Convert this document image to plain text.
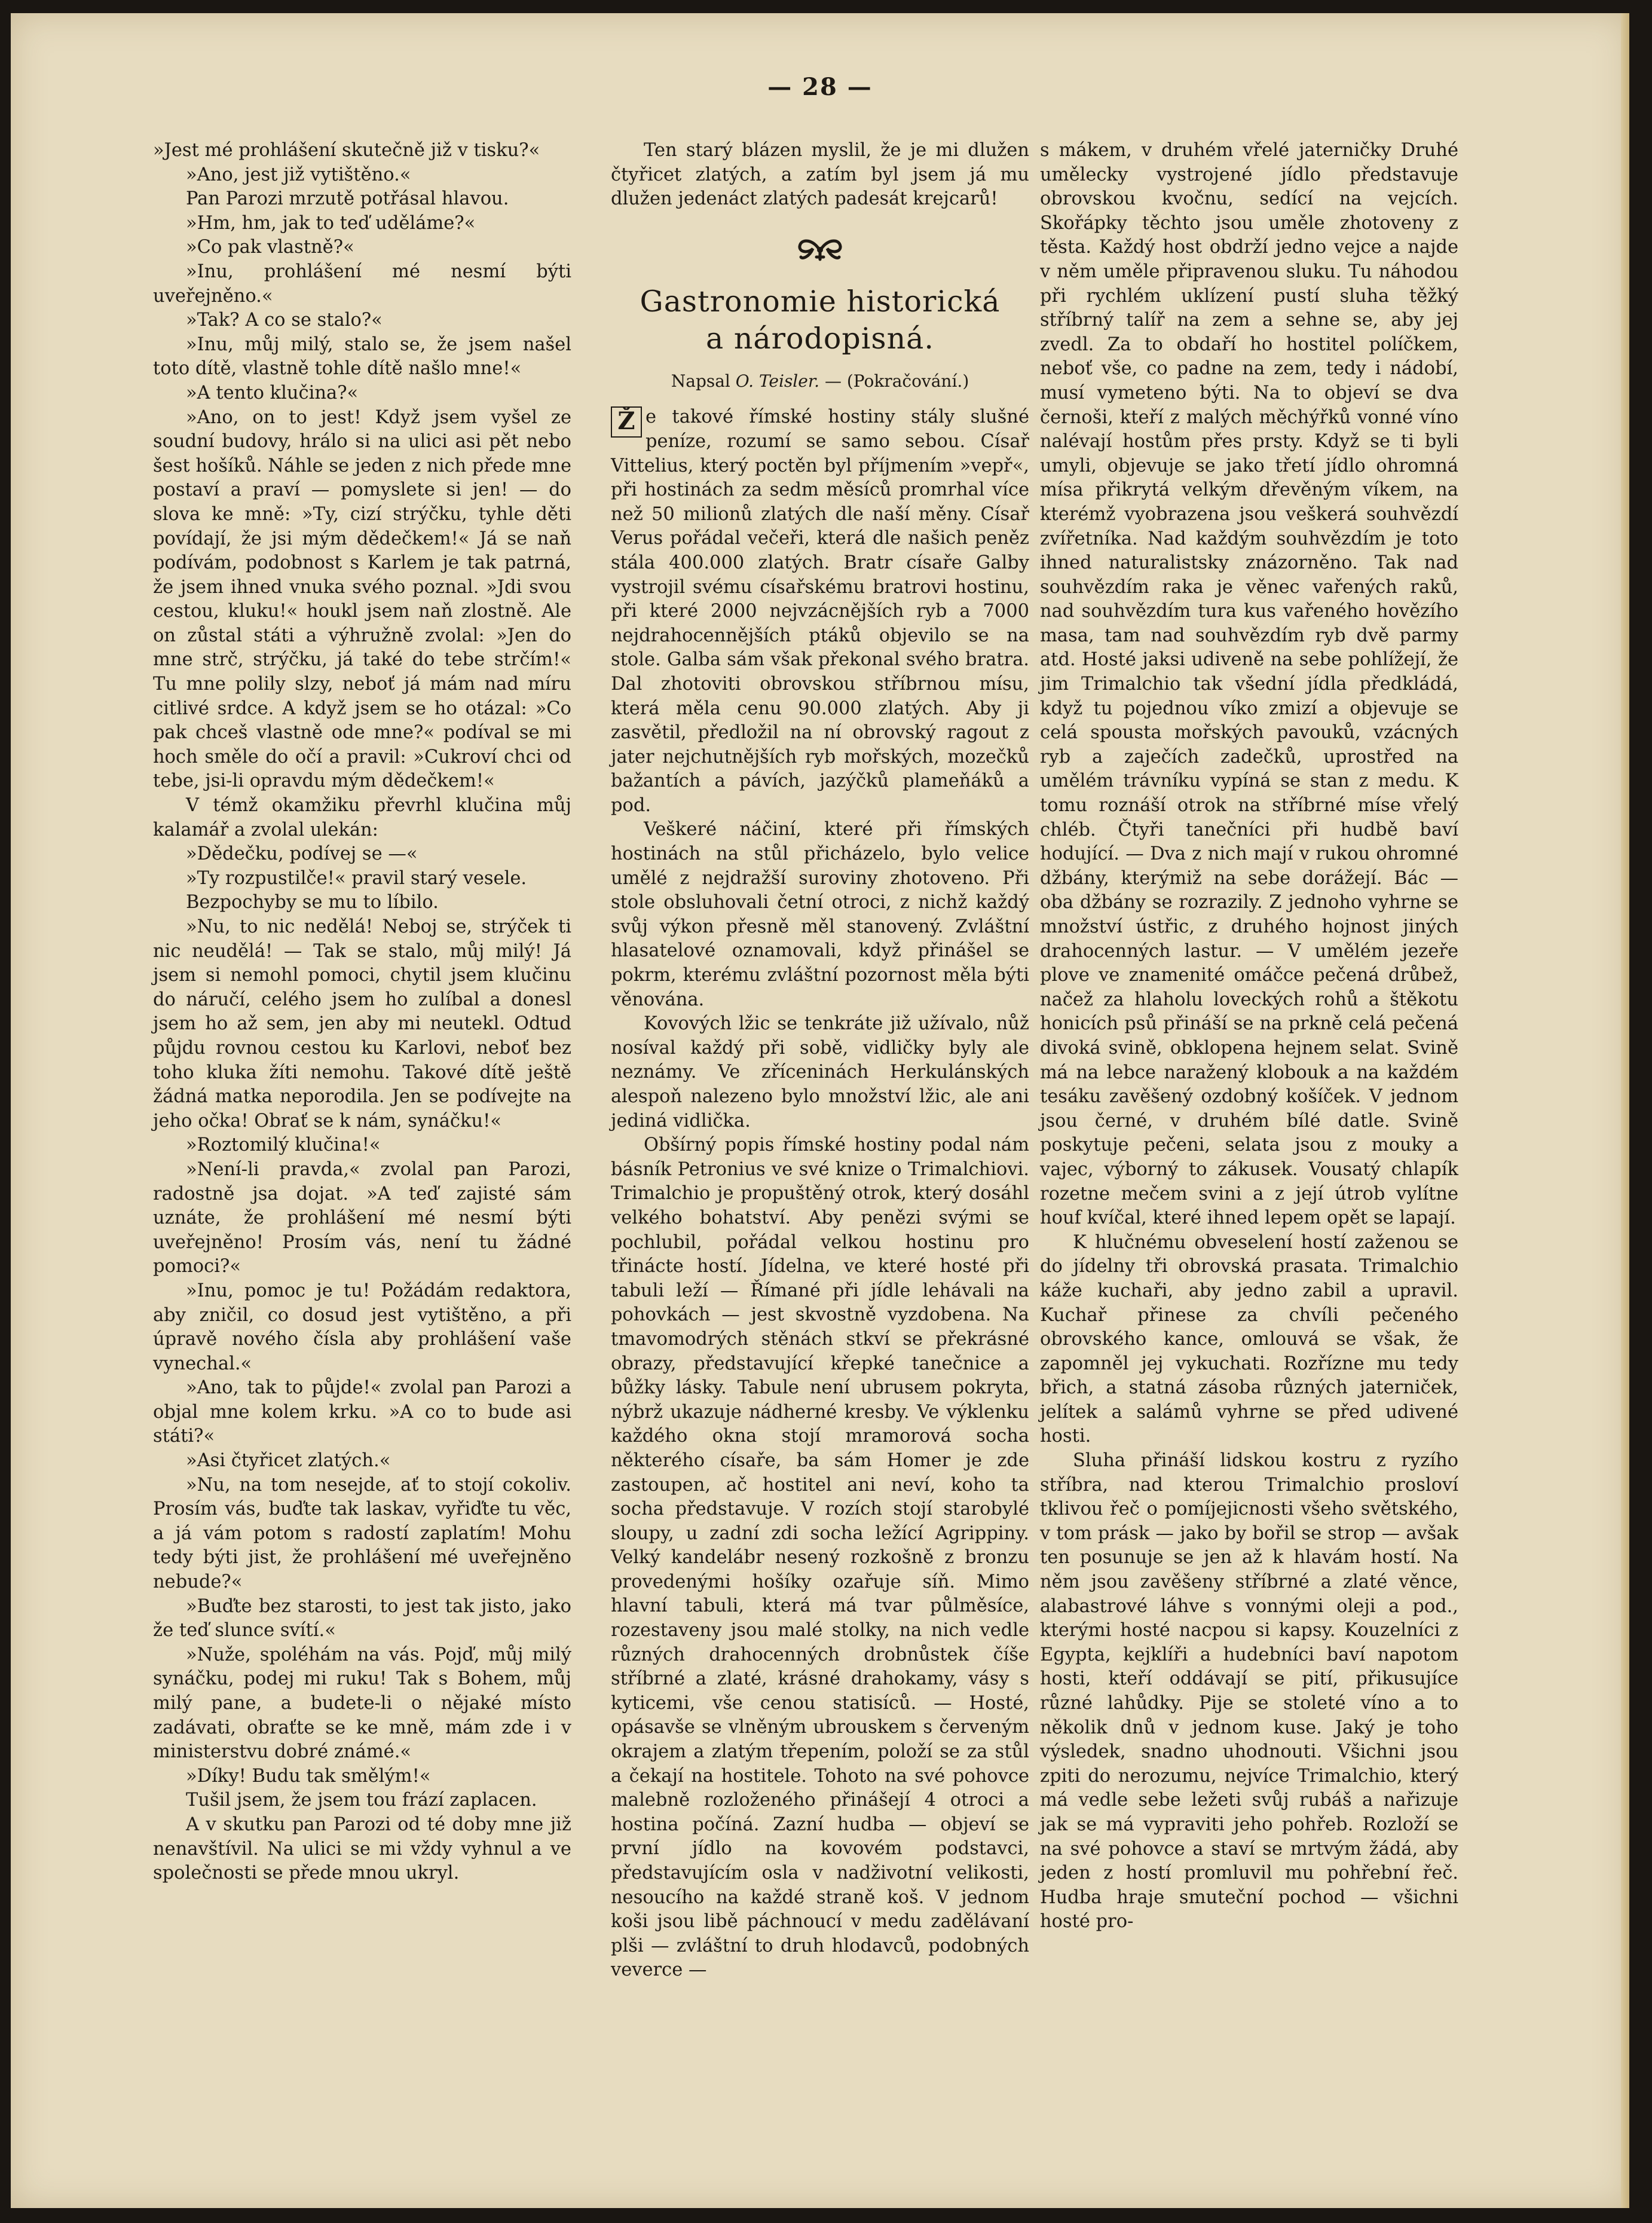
— 28 —

»Jest mé prohlášení skutečně již v tisku?«

»Ano, jest již vytištěno.«

Pan Parozi mrzutě potřásal hlavou.

»Hm, hm, jak to teď uděláme?«

»Co pak vlastně?«

»Inu, prohlášení mé nesmí býti uveřejněno.«

»Tak? A co se stalo?«

»Inu, můj milý, stalo se, že jsem našel toto dítě, vlastně tohle dítě našlo mne!«

»A tento klučina?«

»Ano, on to jest! Když jsem vyšel ze soudní budovy, hrálo si na ulici asi pět nebo šest hošíků. Náhle se jeden z nich přede mne postaví a praví — pomyslete si jen! — do slova ke mně: »Ty, cizí strýčku, tyhle děti povídají, že jsi mým dědečkem!« Já se naň podívám, podobnost s Karlem je tak patrná, že jsem ihned vnuka svého poznal. »Jdi svou cestou, kluku!« houkl jsem naň zlostně. Ale on zůstal státi a výhružně zvolal: »Jen do mne strč, strýčku, já také do tebe strčím!« Tu mne polily slzy, neboť já mám nad míru citlivé srdce. A když jsem se ho otázal: »Co pak chceš vlastně ode mne?« podíval se mi hoch směle do očí a pravil: »Cukroví chci od tebe, jsi-li opravdu mým dědečkem!«

V témž okamžiku převrhl klučina můj kalamář a zvolal ulekán:

»Dědečku, podívej se —«

»Ty rozpustilče!« pravil starý vesele.

Bezpochyby se mu to líbilo.

»Nu, to nic nedělá! Neboj se, strýček ti nic neudělá! — Tak se stalo, můj milý! Já jsem si nemohl pomoci, chytil jsem klučinu do náručí, celého jsem ho zulíbal a donesl jsem ho až sem, jen aby mi neutekl. Odtud půjdu rovnou cestou ku Karlovi, neboť bez toho kluka žíti nemohu. Takové dítě ještě žádná matka neporodila. Jen se podívejte na jeho očka! Obrať se k nám, synáčku!«

»Roztomilý klučina!«

»Není-li pravda,« zvolal pan Parozi, radostně jsa dojat. »A teď zajisté sám uznáte, že prohlášení mé nesmí býti uveřejněno! Prosím vás, není tu žádné pomoci?«

»Inu, pomoc je tu! Požádám redaktora, aby zničil, co dosud jest vytištěno, a při úpravě nového čísla aby prohlášení vaše vynechal.«

»Ano, tak to půjde!« zvolal pan Parozi a objal mne kolem krku. »A co to bude asi státi?«

»Asi čtyřicet zlatých.«

»Nu, na tom nesejde, ať to stojí cokoliv. Prosím vás, buďte tak laskav, vyřiďte tu věc, a já vám potom s radostí zaplatím! Mohu tedy býti jist, že prohlášení mé uveřejněno nebude?«

»Buďte bez starosti, to jest tak jisto, jako že teď slunce svítí.«

»Nuže, spoléhám na vás. Pojď, můj milý synáčku, podej mi ruku! Tak s Bohem, můj milý pane, a budete-li o nějaké místo zadávati, obraťte se ke mně, mám zde i v ministerstvu dobré známé.«

»Díky! Budu tak smělým!«

Tušil jsem, že jsem tou frází zaplacen.

A v skutku pan Parozi od té doby mne již nenavštívil. Na ulici se mi vždy vyhnul a ve společnosti se přede mnou ukryl.

Ten starý blázen myslil, že je mi dlužen čtyřicet zlatých, a zatím byl jsem já mu dlužen jedenáct zlatých padesát krejcarů!

Gastronomie historická
a národopisná.
Napsal O. Teisler. — (Pokračování.)

Ž e takové římské hostiny stály slušné peníze, rozumí se samo sebou. Císař Vittelius, který poctěn byl příjmením »vepř«, při hostinách za sedm měsíců promrhal více než 50 milionů zlatých dle naší měny. Císař Verus pořádal večeři, která dle našich peněz stála 400.000 zlatých. Bratr císaře Galby vystrojil svému císařskému bratrovi hostinu, při které 2000 nejvzácnějších ryb a 7000 nejdrahocennějších ptáků objevilo se na stole. Galba sám však překonal svého bratra. Dal zhotoviti obrovskou stříbrnou mísu, která měla cenu 90.000 zlatých. Aby ji zasvětil, předložil na ní obrovský ragout z jater nejchutnějších ryb mořských, mozečků bažantích a pávích, jazýčků plameňáků a pod.

Veškeré náčiní, které při římských hostinách na stůl přicházelo, bylo velice umělé z nejdražší suroviny zhotoveno. Při stole obsluhovali četní otroci, z nichž každý svůj výkon přesně měl stanovený. Zvláštní hlasatelové oznamovali, když přinášel se pokrm, kterému zvláštní pozornost měla býti věnována.

Kovových lžic se tenkráte již užívalo, nůž nosíval každý při sobě, vidličky byly ale neznámy. Ve zříceninách Herkulánských alespoň nalezeno bylo množství lžic, ale ani jediná vidlička.

Obšírný popis římské hostiny podal nám básník Petronius ve své knize o Trimalchiovi. Trimalchio je propuštěný otrok, který dosáhl velkého bohatství. Aby penězi svými se pochlubil, pořádal velkou hostinu pro třináctе hostí. Jídelna, ve které hosté při tabuli leží — Římané při jídle lehávali na pohovkách — jest skvostně vyzdobena. Na tmavomodrých stěnách stkví se překrásné obrazy, představující křepké tanečnice a bůžky lásky. Tabule není ubrusem pokryta, nýbrž ukazuje nádherné kresby. Ve výklenku každého okna stojí mramorová socha některého císaře, ba sám Homer je zde zastoupen, ač hostitel ani neví, koho ta socha představuje. V rozích stojí starobylé sloupy, u zadní zdi socha ležící Agrippiny. Velký kandelábr nesený rozkošně z bronzu provedenými hošíky ozařuje síň. Mimo hlavní tabuli, která má tvar půlměsíce, rozestaveny jsou malé stolky, na nich vedle různých drahocenných drobnůstek číše stříbrné a zlaté, krásné drahokamy, vásy s kyticemi, vše cenou statisíců. — Hosté, opásavše se vlněným ubrouskem s červeným okrajem a zlatým třepením, položí se za stůl a čekají na hostitele. Tohoto na své pohovce malebně rozloženého přinášejí 4 otroci a hostina počíná. Zazní hudba — objeví se první jídlo na kovovém podstavci, představujícím osla v nadživotní velikosti, nesoucího na každé straně koš. V jednom koši jsou libě páchnoucí v medu zadělávaní plši — zvláštní to druh hlodavců, podobných veverce —

s mákem, v druhém vřelé jaterničky Druhé umělecky vystrojené jídlo představuje obrovskou kvočnu, sedící na vejcích. Skořápky těchto jsou uměle zhotoveny z těsta. Každý host obdrží jedno vejce a najde v něm uměle připravenou sluku. Tu náhodou při rychlém uklízení pustí sluha těžký stříbrný talíř na zem a sehne se, aby jej zvedl. Za to obdaří ho hostitel políčkem, neboť vše, co padne na zem, tedy i nádobí, musí vymeteno býti. Na to objeví se dva černoši, kteří z malých měchýřků vonné víno nalévají hostům přes prsty. Když se ti byli umyli, objevuje se jako třetí jídlo ohromná mísa přikrytá velkým dřevěným víkem, na kterémž vyobrazena jsou veškerá souhvězdí zvířetníka. Nad každým souhvězdím je toto ihned naturalistsky znázorněno. Tak nad souhvězdím raka je věnec vařených raků, nad souhvězdím tura kus vařeného hovězího masa, tam nad souhvězdím ryb dvě parmy atd. Hosté jaksi udiveně na sebe pohlížejí, že jim Trimalchio tak všední jídla předkládá, když tu pojednou víko zmizí a objevuje se celá spousta mořských pavouků, vzácných ryb a zaječích zadečků, uprostřed na umělém trávníku vypíná se stan z medu. K tomu roznáší otrok na stříbrné míse vřelý chléb. Čtyři tanečníci při hudbě baví hodující. — Dva z nich mají v rukou ohromné džbány, kterýmiž na sebe dorážejí. Bác — oba džbány se rozrazily. Z jednoho vyhrne se množství ústřic, z druhého hojnost jiných drahocenných lastur. — V umělém jezeře plove ve znamenité omáčce pečená drůbež, načež za hlaholu loveckých rohů a štěkotu honicích psů přináší se na prkně celá pečená divoká svině, obklopena hejnem selat. Svině má na lebce naražený klobouk a na každém tesáku zavěšený ozdobný košíček. V jednom jsou černé, v druhém bílé datle. Svině poskytuje pečeni, selata jsou z mouky a vajec, výborný to zákusek. Vousatý chlapík rozetne mečem svini a z její útrob vylítne houf kvíčal, které ihned lepem opět se lapají.

K hlučnému obveselení hostí zaženou se do jídelny tři obrovská prasata. Trimalchio káže kuchaři, aby jedno zabil a upravil. Kuchař přinese za chvíli pečeného obrovského kance, omlouvá se však, že zapomněl jej vykuchati. Rozříznе mu tedy břich, a statná zásoba různých jaterniček, jelítek a salámů vyhrne se před udivené hosti.

Sluha přináší lidskou kostru z ryzího stříbra, nad kterou Trimalchio prosloví tklivou řeč o pomíjejicnosti všeho světského, v tom prásk — jako by bořil se strop — avšak ten posunuje se jen až k hlavám hostí. Na něm jsou zavěšeny stříbrné a zlaté věnce, alabastrové láhve s vonnými oleji a pod., kterými hosté nacpou si kapsy. Kouzelníci z Egypta, kejklíři a hudebníci baví napotom hosti, kteří oddávají se pití, přikusujíce různé lahůdky. Pije se stoleté víno a to několik dnů v jednom kuse. Jaký je toho výsledek, snadno uhodnouti. Všichni jsou zpiti do nerozumu, nejvíce Trimalchio, který má vedle sebe ležeti svůj rubáš a nařizuje jak se má vypraviti jeho pohřeb. Rozloží se na své pohovce a staví se mrtvým žádá, aby jeden z hostí promluvil mu pohřební řeč. Hudba hraje smuteční pochod — všichni hosté pro-
